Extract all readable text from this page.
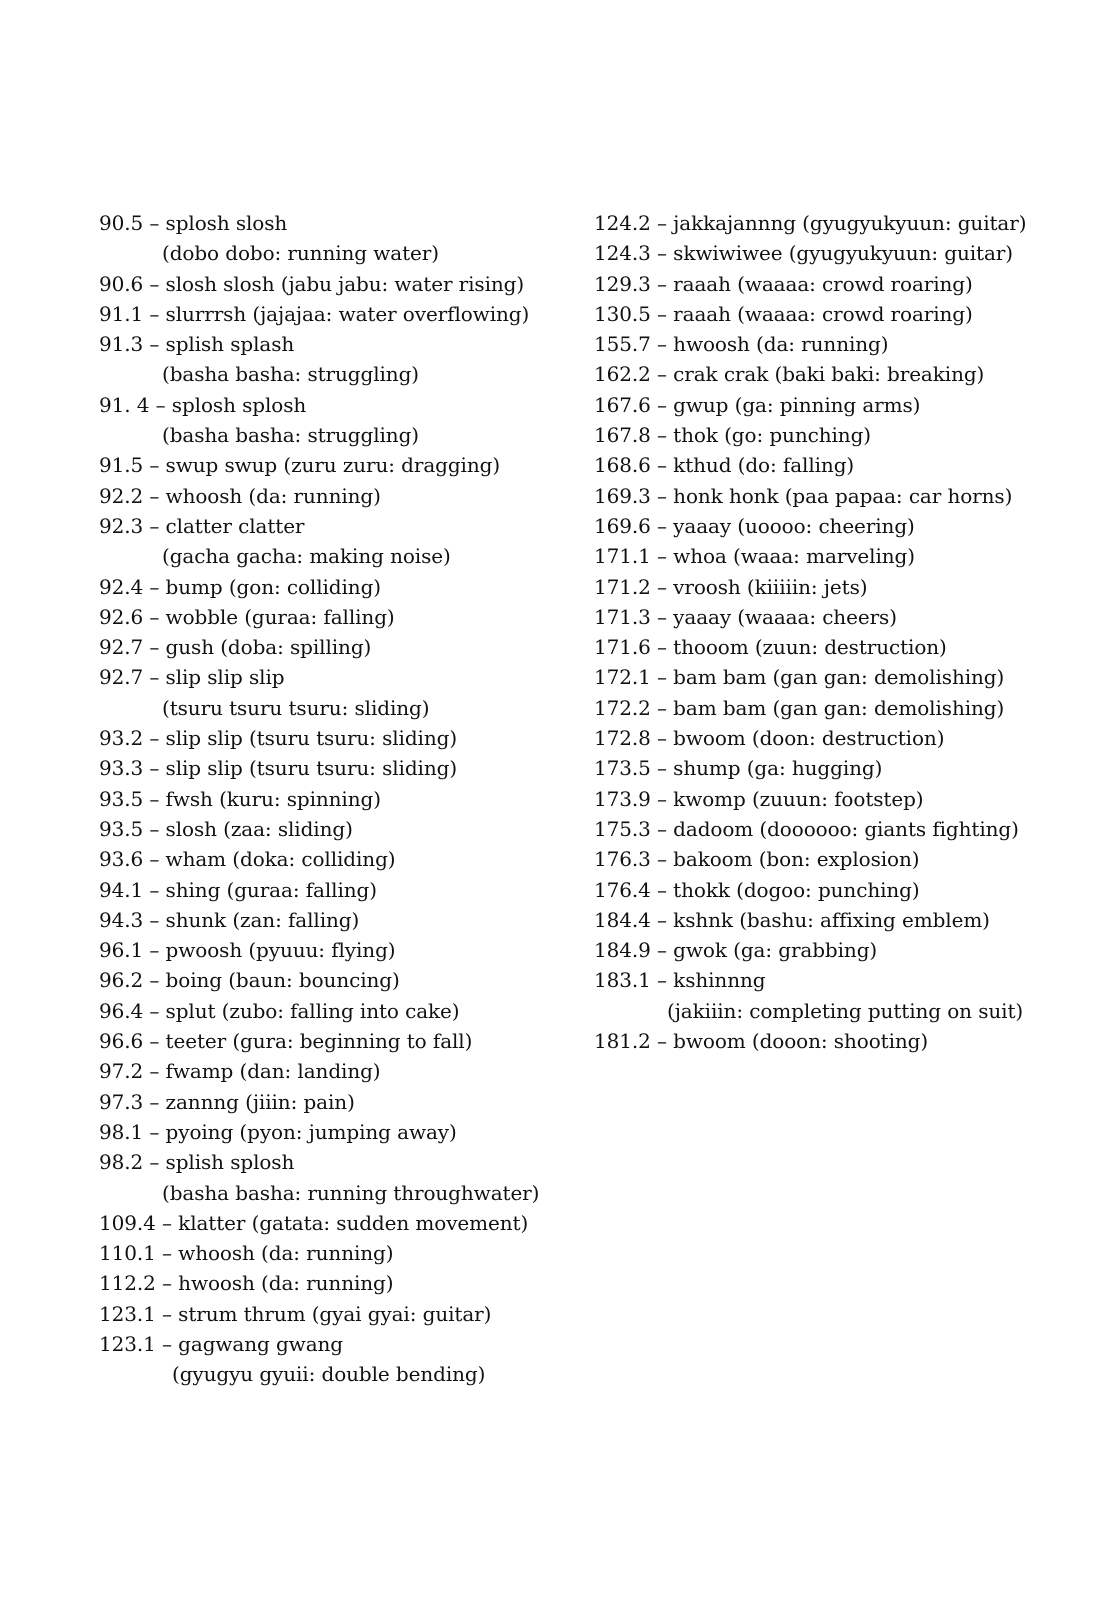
90.5 – splosh slosh
(dobo dobo: running water)
90.6 – slosh slosh (jabu jabu: water rising)
91.1 – slurrrsh (jajajaa: water overflowing)
91.3 – splish splash
(basha basha: struggling)
91. 4 – splosh splosh
(basha basha: struggling)
91.5 – swup swup (zuru zuru: dragging)
92.2 – whoosh (da: running)
92.3 – clatter clatter
(gacha gacha: making noise)
92.4 – bump (gon: colliding)
92.6 – wobble (guraa: falling)
92.7 – gush (doba: spilling)
92.7 – slip slip slip
(tsuru tsuru tsuru: sliding)
93.2 – slip slip (tsuru tsuru: sliding)
93.3 – slip slip (tsuru tsuru: sliding)
93.5 – fwsh (kuru: spinning)
93.5 – slosh (zaa: sliding)
93.6 – wham (doka: colliding)
94.1 – shing (guraa: falling)
94.3 – shunk (zan: falling)
96.1 – pwoosh (pyuuu: flying)
96.2 – boing (baun: bouncing)
96.4 – splut (zubo: falling into cake)
96.6 – teeter (gura: beginning to fall)
97.2 – fwamp (dan: landing)
97.3 – zannng (jiiin: pain)
98.1 – pyoing (pyon: jumping away)
98.2 – splish splosh
(basha basha: running throughwater)
109.4 – klatter (gatata: sudden movement)
110.1 – whoosh (da: running)
112.2 – hwoosh (da: running)
123.1 – strum thrum (gyai gyai: guitar)
123.1 – gagwang gwang
(gyugyu gyuii: double bending)
124.2 – jakkajannng (gyugyukyuun: guitar)
124.3 – skwiwiwee (gyugyukyuun: guitar)
129.3 – raaah (waaaa: crowd roaring)
130.5 – raaah (waaaa: crowd roaring)
155.7 – hwoosh (da: running)
162.2 – crak crak (baki baki: breaking)
167.6 – gwup (ga: pinning arms)
167.8 – thok (go: punching)
168.6 – kthud (do: falling)
169.3 – honk honk (paa papaa: car horns)
169.6 – yaaay (uoooo: cheering)
171.1 – whoa (waaa: marveling)
171.2 – vroosh (kiiiiin: jets)
171.3 – yaaay (waaaa: cheers)
171.6 – thooom (zuun: destruction)
172.1 – bam bam (gan gan: demolishing)
172.2 – bam bam (gan gan: demolishing)
172.8 – bwoom (doon: destruction)
173.5 – shump (ga: hugging)
173.9 – kwomp (zuuun: footstep)
175.3 – dadoom (doooooo: giants fighting)
176.3 – bakoom (bon: explosion)
176.4 – thokk (dogoo: punching)
184.4 – kshnk (bashu: affixing emblem)
184.9 – gwok (ga: grabbing)
183.1 – kshinnng
(jakiiin: completing putting on suit)
181.2 – bwoom (dooon: shooting)
